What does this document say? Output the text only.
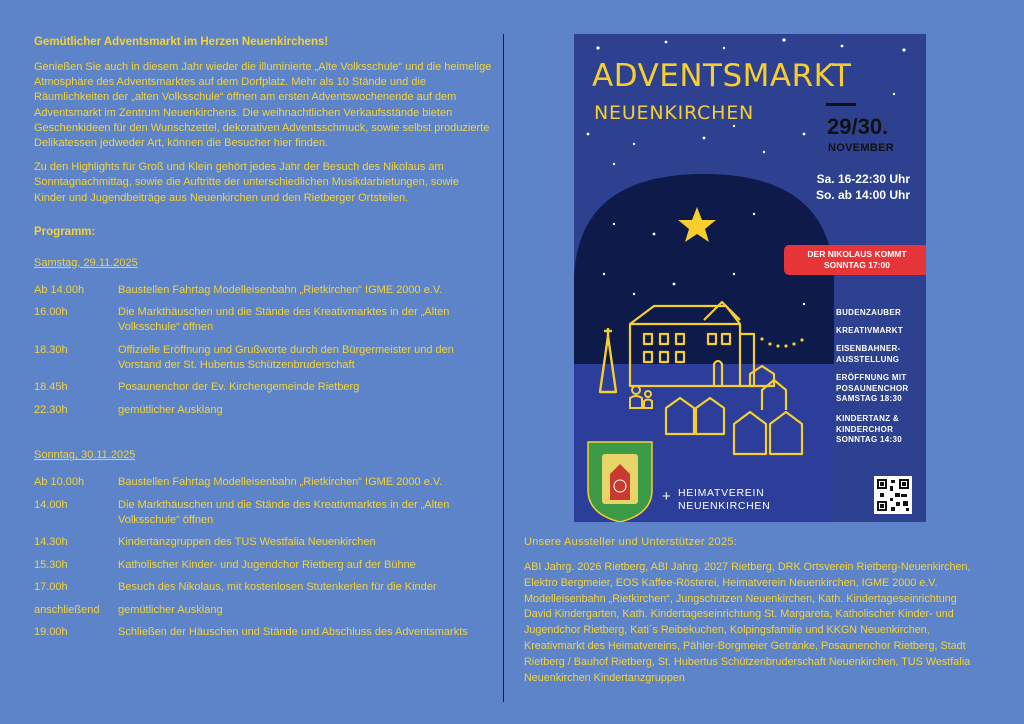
Gemütlicher Adventsmarkt im Herzen Neuenkirchens!

Genießen Sie auch in diesem Jahr wieder die illuminierte „Alte Volksschule“ und die heimelige Atmosphäre des Adventsmarktes auf dem Dorfplatz. Mehr als 10 Stände und die Räumlichkeiten der „alten Volksschule“ öffnen am ersten Adventswochenende auf dem Adventsmarkt im Zentrum Neuenkirchens. Die weihnachtlichen Verkaufsstände bieten Geschenkideen für den Wunschzettel, dekorativen Adventsschmuck, sowie selbst produzierte Delikatessen jedweder Art, können die Besucher hier finden.

Zu den Highlights für Groß und Klein gehört jedes Jahr der Besuch des Nikolaus am Sonntagnachmittag, sowie die Auftritte der unterschiedlichen Musikdarbietungen, sowie Kinder und Jugendbeiträge aus Neuenkirchen und den Rietberger Ortsteilen.

Programm:
Samstag, 29.11.2025
Ab 14.00h	Baustellen Fahrtag Modelleisenbahn „Rietkirchen“ IGME 2000 e.V.
16.00h	Die Markthäuschen und die Stände des Kreativmarktes in der „Alten Volksschule“ öffnen
18.30h	Offizielle Eröffnung und Grußworte durch den Bürgermeister und den Vorstand der St. Hubertus Schützenbruderschaft
18.45h	Posaunenchor der Ev. Kirchengemeinde Rietberg
22.30h	gemütlicher Ausklang
Sonntag, 30.11.2025
Ab 10.00h	Baustellen Fahrtag Modelleisenbahn „Rietkirchen“ IGME 2000 e.V.
14.00h	Die Markthäuschen und die Stände des Kreativmarktes in der „Alten Volksschule“ öffnen
14.30h	Kindertanzgruppen des TUS Westfalia Neuenkirchen
15.30h	Katholischer Kinder- und Jugendchor Rietberg auf der Bühne
17.00h	Besuch des Nikolaus, mit kostenlosen Stutenkerlen für die Kinder
anschließend	gemütlicher Ausklang
19.00h	Schließen der Häuschen und Stände und Abschluss des Adventsmarkts
ADVENTSMARKT
NEUENKIRCHEN
29/30.
NOVEMBER
Sa. 16-22:30 Uhr
So. ab 14:00 Uhr
DER NIKOLAUS KOMMT
SONNTAG 17:00
BUDENZAUBER
KREATIVMARKT
EISENBAHNER-
AUSSTELLUNG
ERÖFFNUNG MIT
POSAUNENCHOR
SAMSTAG 18:30
KINDERTANZ &
KINDERCHOR
SONNTAG 14:30
+ HEIMATVEREIN
NEUENKIRCHEN
Unsere Aussteller und Unterstützer 2025:

ABI Jahrg. 2026 Rietberg, ABI Jahrg. 2027 Rietberg, DRK Ortsverein Rietberg-Neuenkirchen, Elektro Bergmeier, EOS Kaffee-Rösterei, Heimatverein Neuenkirchen, IGME 2000 e.V. Modelleisenbahn „Rietkirchen“, Jungschützen Neuenkirchen, Kath. Kindertageseinrichtung David Kindergarten, Kath. Kindertageseinrichtung St. Margareta, Katholischer Kinder- und Jugendchor Rietberg, Kati´s Reibekuchen, Kolpingsfamilie und KKGN Neuenkirchen, Kreativmarkt des Heimatvereins, Pähler-Borgmeier Getränke, Posaunenchor Rietberg, Stadt Rietberg / Bauhof Rietberg, St. Hubertus Schützenbruderschaft Neuenkirchen, TUS Westfalia Neuenkirchen Kindertanzgruppen
